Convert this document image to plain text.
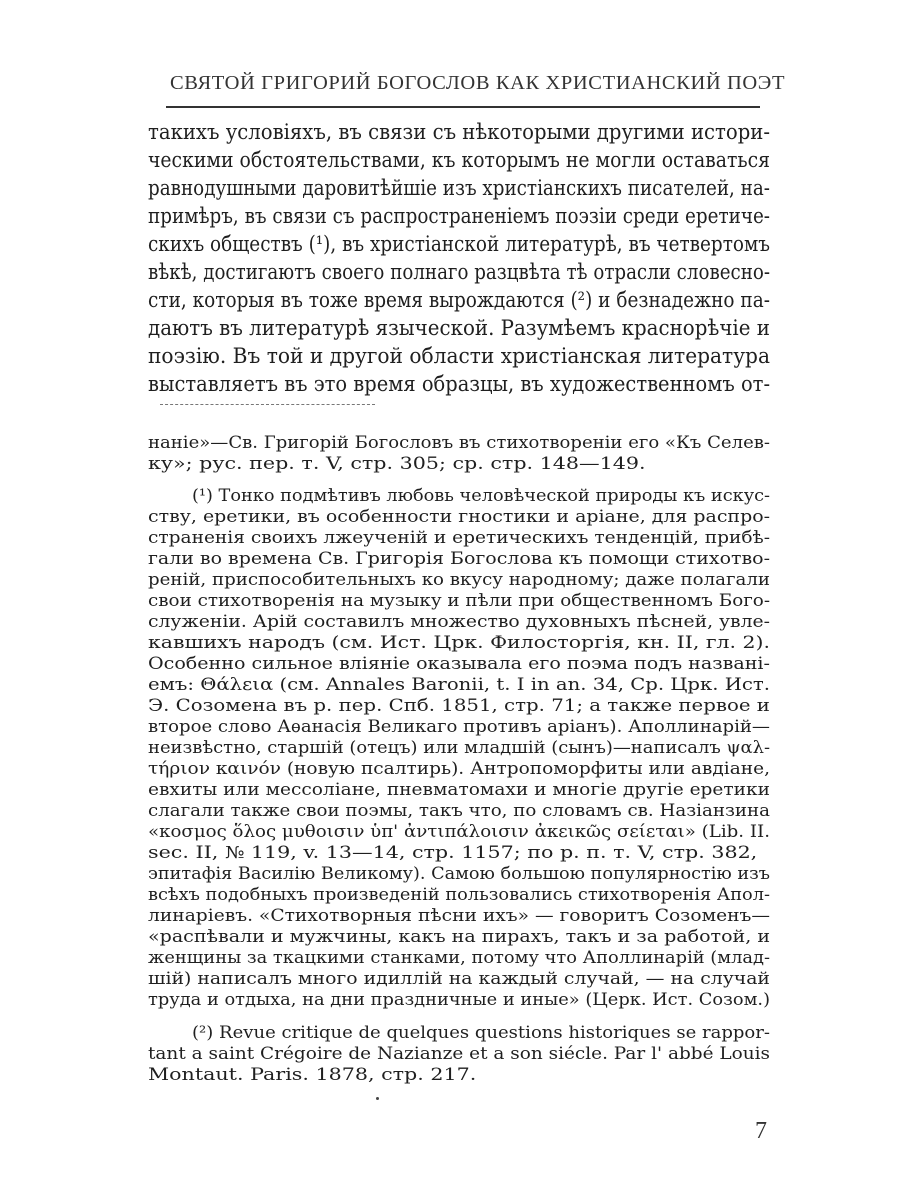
СВЯТОЙ ГРИГОРИЙ БОГОСЛОВ КАК ХРИСТИАНСКИЙ ПОЭТ
такихъ условіяхъ, въ связи съ нѣкоторыми другими истори-
ческими обстоятельствами, къ которымъ не могли оставаться
равнодушными даровитѣйшіе изъ христіанскихъ писателей, на-
примѣръ, въ связи съ распространеніемъ поэзіи среди еретиче-
скихъ обществъ (¹), въ христіанской литературѣ, въ четвертомъ
вѣкѣ, достигаютъ своего полнаго разцвѣта тѣ отрасли словесно-
сти, которыя въ тоже время вырождаются (²) и безнадежно па-
даютъ въ литературѣ языческой. Разумѣемъ краснорѣчіе и
поэзію. Въ той и другой области христіанская литература
выставляетъ въ это время образцы, въ художественномъ от-
наніе»—Св. Григорій Богословъ въ стихотвореніи его «Къ Селев-
ку»; рус. пер. т. V, стр. 305; ср. стр. 148—149.
(¹) Тонко подмѣтивъ любовь человѣческой природы къ искус-
ству, еретики, въ особенности гностики и аріане, для распро-
страненія своихъ лжеученій и еретическихъ тенденцій, прибѣ-
гали во времена Св. Григорія Богослова къ помощи стихотво-
реній, приспособительныхъ ко вкусу народному; даже полагали
свои стихотворенія на музыку и пѣли при общественномъ Бого-
служеніи. Арій составилъ множество духовныхъ пѣсней, увле-
кавшихъ народъ (см. Ист. Црк. Филосторгія, кн. II, гл. 2).
Особенно сильное вліяніе оказывала его поэма подъ названі-
емъ: Θάλεια (см. Annales Baronii, t. I in an. 34, Ср. Црк. Ист.
Э. Созомена въ р. пер. Спб. 1851, стр. 71; а также первое и
второе слово Аѳанасія Великаго противъ аріанъ). Аполлинарій—
неизвѣстно, старшій (отецъ) или младшій (сынъ)—написалъ ψαλ-
τήριον καινόν (новую псалтирь). Антропоморфиты или авдіане,
евхиты или мессоліане, пневматомахи и многіе другіе еретики
слагали также свои поэмы, такъ что, по словамъ св. Назіанзина
«κοσμος ὅλος μυθοισιν ὑπ' ἀντιπάλοισιν ἀκεικῶς σείεται» (Lib. II.
sec. II, № 119, v. 13—14, стр. 1157; по р. п. т. V, стр. 382,
эпитафія Василію Великому). Самою большою популярностію изъ
всѣхъ подобныхъ произведеній пользовались стихотворенія Апол-
линаріевъ. «Стихотворныя пѣсни ихъ» — говоритъ Созоменъ—
«распѣвали и мужчины, какъ на пирахъ, такъ и за работой, и
женщины за ткацкими станками, потому что Аполлинарій (млад-
шій) написалъ много идиллій на каждый случай, — на случай
труда и отдыха, на дни праздничные и иные» (Церк. Ист. Созом.)
(²) Revue critique de quelques questions historiques se rappor-
tant a saint Crégoire de Nazianze et a son siécle. Par l' abbé Louis
Montaut. Paris. 1878, стр. 217.
7
